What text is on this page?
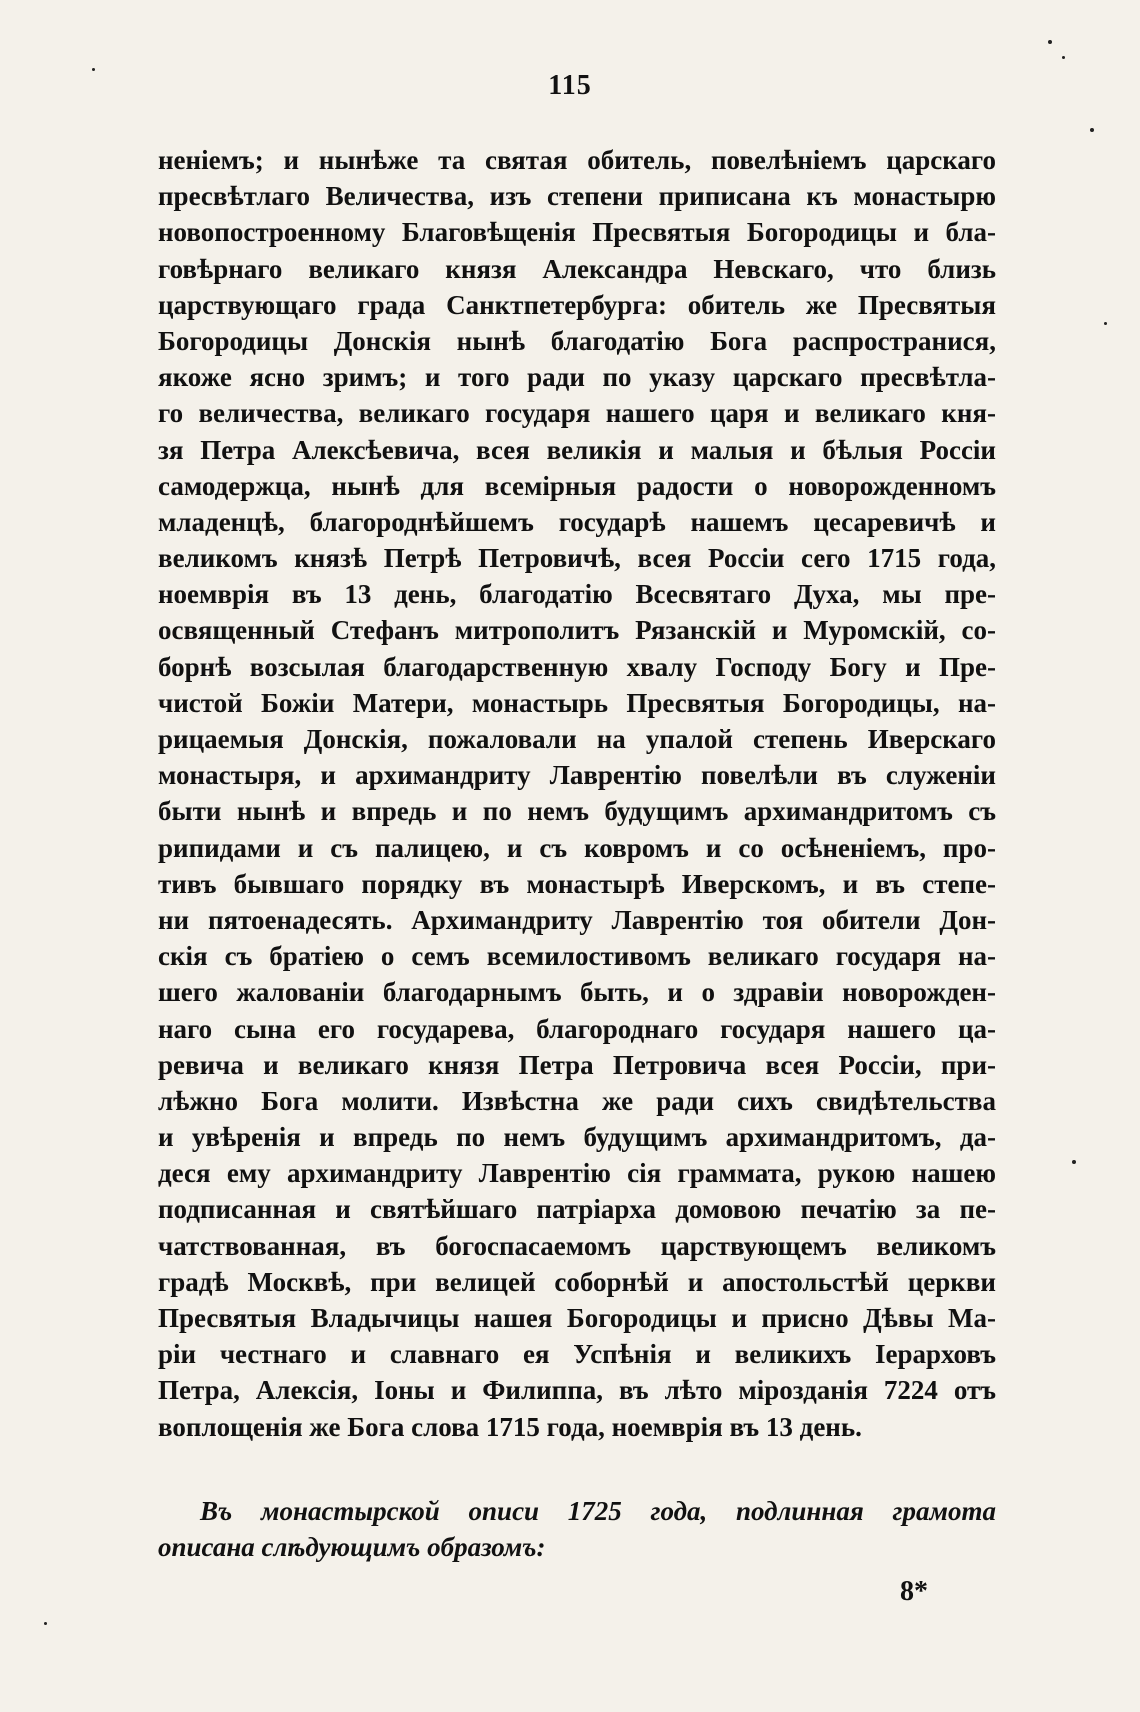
115
неніемъ; и нынѣже та святая обитель, повелѣніемъ царскаго
пресвѣтлаго Величества, изъ степени приписана къ монастырю
новопостроенному Благовѣщенія Пресвятыя Богородицы и бла-
говѣрнаго великаго князя Александра Невскаго, что близь
царствующаго града Санктпетербурга: обитель же Пресвятыя
Богородицы Донскія нынѣ благодатію Бога распространися,
якоже ясно зримъ; и того ради по указу царскаго пресвѣтла-
го величества, великаго государя нашего царя и великаго кня-
зя Петра Алексѣевича, всея великія и малыя и бѣлыя Россіи
самодержца, нынѣ для всемірныя радости о новорожденномъ
младенцѣ, благороднѣйшемъ государѣ нашемъ цесаревичѣ и
великомъ князѣ Петрѣ Петровичѣ, всея Россіи сего 1715 года,
ноемврія въ 13 день, благодатію Всесвятаго Духа, мы пре-
освященный Стефанъ митрополитъ Рязанскій и Муромскій, со-
борнѣ возсылая благодарственную хвалу Господу Богу и Пре-
чистой Божіи Матери, монастырь Пресвятыя Богородицы, на-
рицаемыя Донскія, пожаловали на упалой степень Иверскаго
монастыря, и архимандриту Лаврентію повелѣли въ служеніи
быти нынѣ и впредь и по немъ будущимъ архимандритомъ съ
рипидами и съ палицею, и съ ковромъ и со осѣненіемъ, про-
тивъ бывшаго порядку въ монастырѣ Иверскомъ, и въ степе-
ни пятоенадесять. Архимандриту Лаврентію тоя обители Дон-
скія съ братіею о семъ всемилостивомъ великаго государя на-
шего жалованіи благодарнымъ быть, и о здравіи новорожден-
наго сына его государева, благороднаго государя нашего ца-
ревича и великаго князя Петра Петровича всея Россіи, при-
лѣжно Бога молити. Извѣстна же ради сихъ свидѣтельства
и увѣренія и впредь по немъ будущимъ архимандритомъ, да-
деся ему архимандриту Лаврентію сія граммата, рукою нашею
подписанная и святѣйшаго патріарха домовою печатію за пе-
чатствованная, въ богоспасаемомъ царствующемъ великомъ
градѣ Москвѣ, при велицей соборнѣй и апостольстѣй церкви
Пресвятыя Владычицы нашея Богородицы и присно Дѣвы Ма-
ріи честнаго и славнаго ея Успѣнія и великихъ Іерарховъ
Петра, Алексія, Іоны и Филиппа, въ лѣто мірозданія 7224 отъ
воплощенія же Бога слова 1715 года, ноемврія въ 13 день.
Въ монастырской описи 1725 года, подлинная грамота
описана слѣдующимъ образомъ:
8*
